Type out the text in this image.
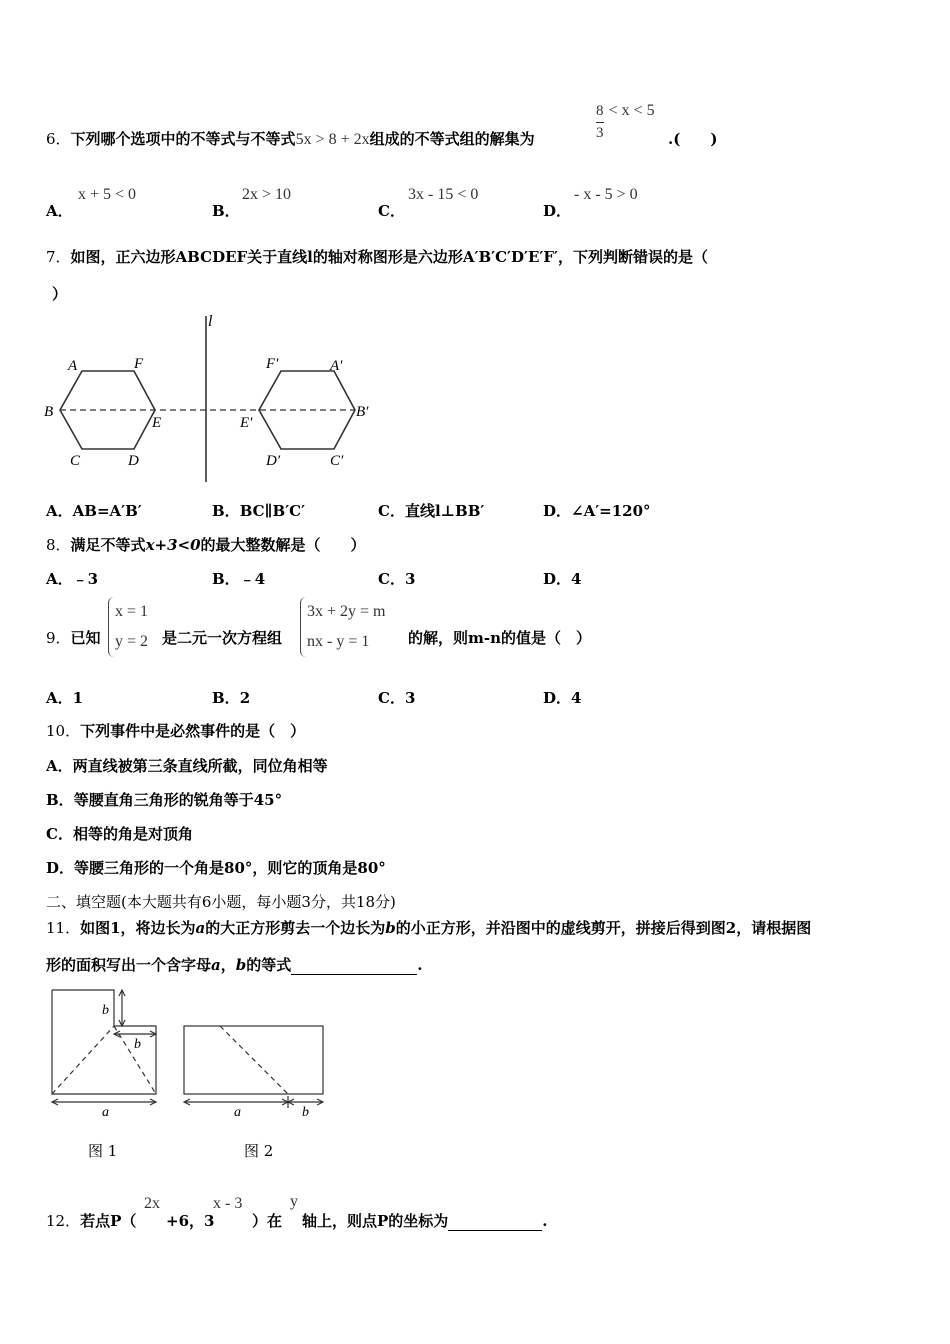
6．下列哪个选项中的不等式与不等式5x > 8 + 2x组成的不等式组的解集为	$\frac{8}{3} < x < 5$
.(　　)
A．
x + 5 < 0
B．
2x > 10
C．
3x - 15 < 0
D．
- x - 5 > 0
7．如图，正六边形ABCDEF关于直线l的轴对称图形是六边形A′B′C′D′E′F′，下列判断错误的是（
）
l
A	F
B
E
C	D
F′	A′
E′
B′
D′	C′
A．AB=A′B′	B．BC∥B′C′	C．直线l⊥BB′	D．∠A′=120°
8．满足不等式x+3<0的最大整数解是（　　）
A．﹣3	B．﹣4	C．3	D．4
9．已知
x = 1
y = 2 是二元一次方程组
3x + 2y = m
nx - y = 1	的解，则m-n的值是（　）
A．1	B．2	C．3	D．4
10．下列事件中是必然事件的是（　）
A．两直线被第三条直线所截，同位角相等
B．等腰直角三角形的锐角等于45°
C．相等的角是对顶角
D．等腰三角形的一个角是80°，则它的顶角是80°
二、填空题(本大题共有6小题，每小题3分，共18分)
11．如图1，将边长为a的大正方形剪去一个边长为b的小正方形，并沿图中的虚线剪开，拼接后得到图2，请根据图
形的面积写出一个含字母a，b的等式	.
b
b
a	a	b
图 1	图 2
12．若点P（
2x
+6，3
x - 3
）在
y
轴上，则点P的坐标为	.
